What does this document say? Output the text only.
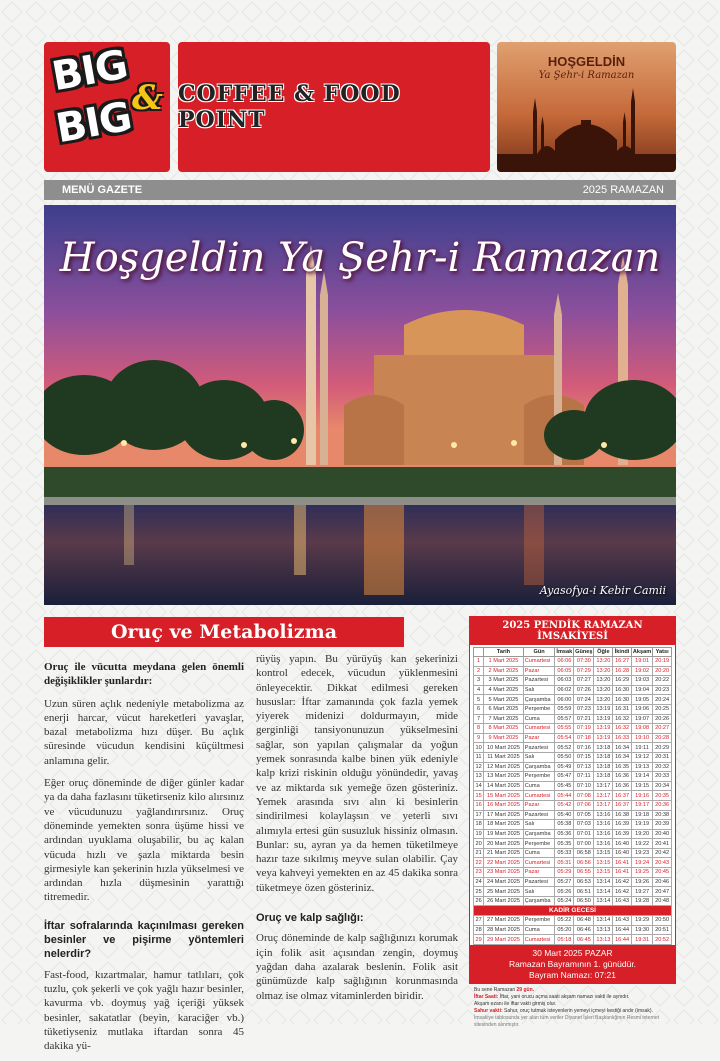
BIG &
BIG COFFEE & FOOD POINT
HOŞGELDİN
Ya Şehr-i Ramazan
MENÜ GAZETE	2025 RAMAZAN
Hoşgeldin Ya Şehr-i Ramazan
Ayasofya-i Kebir Camii
Oruç ve Metabolizma

Oruç ile vücutta meydana gelen önemli değişiklikler şunlardır:

Uzun süren açlık nedeniyle metabolizma az enerji harcar, vücut hareketleri yavaşlar, bazal metabolizma hızı düşer. Bu açlık süresinde vücudun kendisini küçültmesi anlamına gelir.

Eğer oruç döneminde de diğer günler kadar ya da daha fazlasını tüketirseniz kilo alırsınız ve vücudunuzu yağlandırırsınız. Oruç döneminde yemekten sonra üşüme hissi ve ardından uyuklama oluşabilir, bu aç kalan vücuda hızlı ve şazla miktarda besin girmesiyle kan şekerinin hızla yükselmesi ve ardından hızla düşmesinin yarattığı titremedir.

İftar sofralarında kaçınılması gereken besinler ve pişirme yöntemleri nelerdir?

Fast-food, kızartmalar, hamur tatlıları, çok tuzlu, çok şekerli ve çok yağlı hazır besinler, kavurma vb. doymuş yağ içeriği yüksek besinler, sakatatlar (beyin, karaciğer vb.) tüketiyseniz mutlaka iftardan sonra 45 dakika yü-

rüyüş yapın. Bu yürüyüş kan şekerinizi kontrol edecek, vücudun yüklenmesini önleyecektir. Dikkat edilmesi gereken hususlar: İftar zamanında çok fazla yemek yiyerek midenizi doldurmayın, mide gerginliği tansiyonunuzun yükselmesini sağlar, son yapılan çalışmalar da yoğun yemek sonrasında kalbe binen yük edeniyle kalp krizi riskinin olduğu yönündedir, yavaş ve az miktarda sık yemeğe özen gösteriniz. Yemek arasında sıvı alın ki besinlerin sindirilmesi kolaylaşsın ve yeterli sıvı alımıyla ertesi gün susuzluk hissiniz olmasın. Bunlar: su, ayran ya da hemen tüketilmeye hazır taze sıkılmış meyve sulan olabilir. Çay veya kahveyi yemekten en az 45 dakika sonra tüketmeye özen gösteriniz.

Oruç ve kalp sağlığı:

Oruç döneminde de kalp sağlığınızı korumak için folik asit açısından zengin, doymuş yağdan daha azalarak beslenin. Folik asit günümüzde kalp sağlığının korunmasında olmaz ise olmaz vitaminlerden biridir.

2025 PENDİK RAMAZAN İMSAKİYESİ
	Tarih	Gün	İmsak	Güneş	Öğle	İkindi	Akşam	Yatsı
1	1 Mart 2025	Cumartesi	06:06	07:30	13:20	16:27	19:01	20:19
2	2 Mart 2025	Pazar	06:05	07:29	13:20	16:28	19:02	20:20
3	3 Mart 2025	Pazartesi	06:03	07:27	13:20	16:29	19:03	20:22
4	4 Mart 2025	Salı	06:02	07:26	13:20	16:30	19:04	20:23
5	5 Mart 2025	Çarşamba	06:00	07:24	13:20	16:30	19:05	20:24
6	6 Mart 2025	Perşembe	05:59	07:23	13:19	16:31	19:06	20:25
7	7 Mart 2025	Cuma	05:57	07:21	13:19	16:32	19:07	20:26
8	8 Mart 2025	Cumartesi	05:55	07:19	13:19	16:32	19:08	20:27
9	9 Mart 2025	Pazar	05:54	07:18	13:19	16:33	19:10	20:28
10	10 Mart 2025	Pazartesi	05:52	07:16	13:18	16:34	19:11	20:29
11	11 Mart 2025	Salı	05:50	07:15	13:18	16:34	19:12	20:31
12	12 Mart 2025	Çarşamba	05:49	07:13	13:18	16:35	19:13	20:32
13	13 Mart 2025	Perşembe	05:47	07:11	13:18	16:36	19:14	20:33
14	14 Mart 2025	Cuma	05:45	07:10	13:17	16:36	19:15	20:34
15	15 Mart 2025	Cumartesi	05:44	07:08	13:17	16:37	19:16	20:35
16	16 Mart 2025	Pazar	05:42	07:06	13:17	16:37	19:17	20:36
17	17 Mart 2025	Pazartesi	05:40	07:05	13:16	16:38	19:18	20:38
18	18 Mart 2025	Salı	05:38	07:03	13:16	16:39	19:19	20:39
19	19 Mart 2025	Çarşamba	05:36	07:01	13:16	16:39	19:20	20:40
20	20 Mart 2025	Perşembe	05:35	07:00	13:16	16:40	19:22	20:41
21	21 Mart 2025	Cuma	05:33	06:58	13:15	16:40	19:23	20:42
22	22 Mart 2025	Cumartesi	05:31	06:56	13:15	16:41	19:24	20:43
23	23 Mart 2025	Pazar	05:29	06:55	13:15	16:41	19:25	20:45
24	24 Mart 2025	Pazartesi	05:27	06:53	13:14	16:42	19:26	20:46
25	25 Mart 2025	Salı	05:26	06:51	13:14	16:42	19:27	20:47
26	26 Mart 2025	Çarşamba	05:24	06:50	13:14	16:43	19:28	20:48
KADİR GECESİ								
27	27 Mart 2025	Perşembe	05:22	06:48	13:14	16:43	19:29	20:50
28	28 Mart 2025	Cuma	05:20	06:46	13:13	16:44	19:30	20:51
29	29 Mart 2025	Cumartesi	05:18	06:45	13:13	16:44	19:31	20:52
30 Mart 2025 PAZAR
Ramazan Bayramının 1. günüdür.
Bayram Namazı: 07:21
Bu sene Ramazan 29 gün.
İftar Saati: İftar, yani orucu açma saati akşam namazı vakti ile aynıdır.
Akşam ezanı ile iftar vakti girmiş olur.
Sahur vakti: Sahur, oruç tutmak isteyenlerin yemeyi içmeyi kestiği andır (imsak).
İmsakiye tablosunda yer alan tüm veriler Diyanet İşleri Başkanlığının Resmi internet sitesinden alınmıştır.
